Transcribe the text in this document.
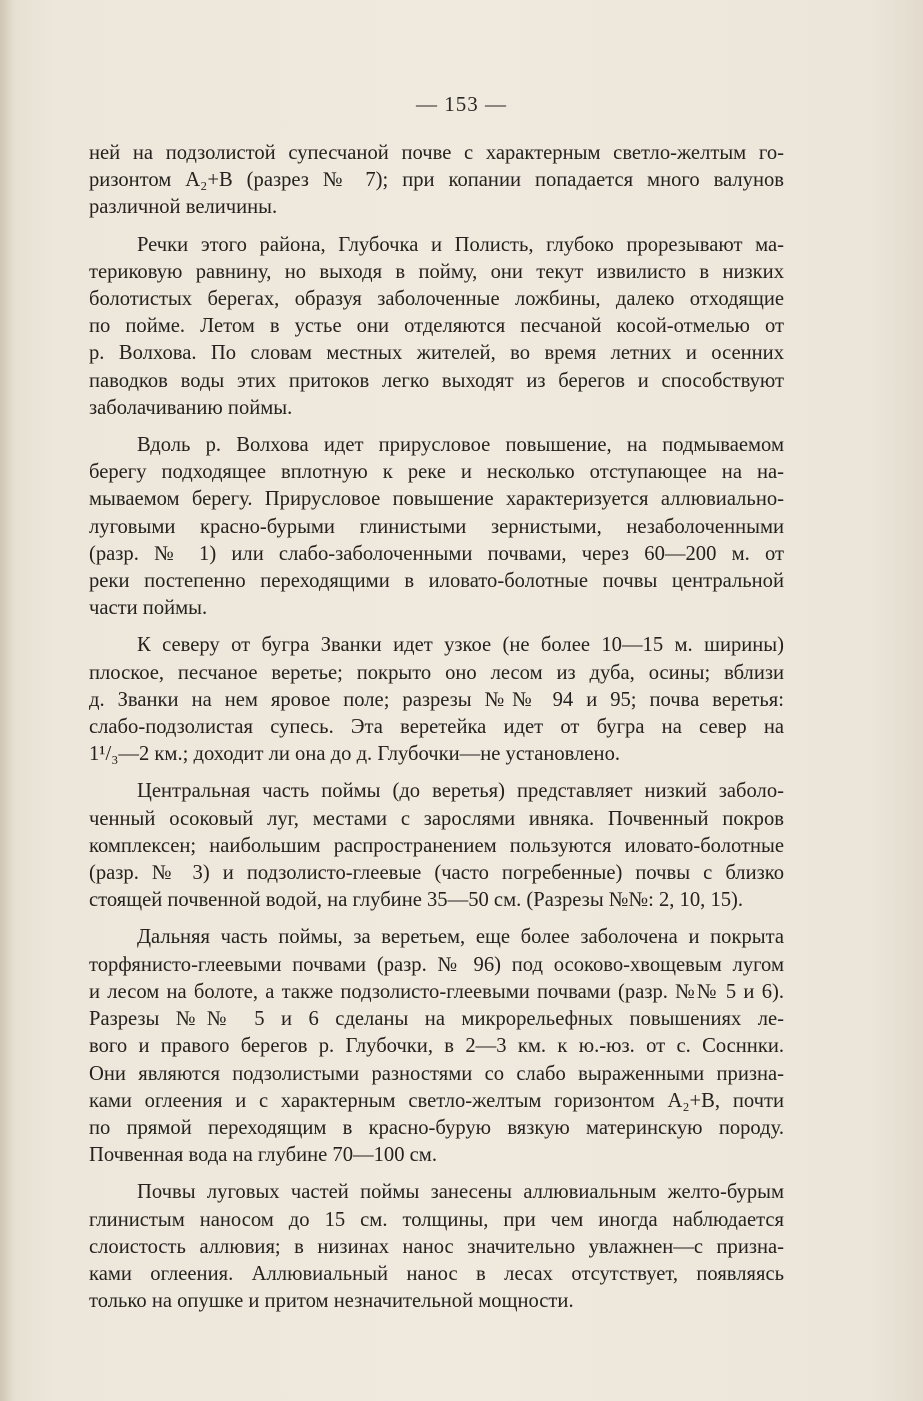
— 153 —
ней на подзолистой супесчаной почве с характерным светло-желтым го-
ризонтом A₂+B (разрез № 7); при копании попадается много валунов
различной величины.
Речки этого района, Глубочка и Полисть, глубоко прорезывают ма-
териковую равнину, но выходя в пойму, они текут извилисто в низких
болотистых берегах, образуя заболоченные ложбины, далеко отходящие
по пойме. Летом в устье они отделяются песчаной косой-отмелью от
р. Волхова. По словам местных жителей, во время летних и осенних
паводков воды этих притоков легко выходят из берегов и способствуют
заболачиванию поймы.
Вдоль р. Волхова идет прирусловое повышение, на подмываемом
берегу подходящее вплотную к реке и несколько отступающее на на-
мываемом берегу. Прирусловое повышение характеризуется аллювиально-
луговыми красно-бурыми глинистыми зернистыми, незаболоченными
(разр. № 1) или слабо-заболоченными почвами, через 60—200 м. от
реки постепенно переходящими в иловато-болотные почвы центральной
части поймы.
К северу от бугра Званки идет узкое (не более 10—15 м. ширины)
плоское, песчаное веретье; покрыто оно лесом из дуба, осины; вблизи
д. Званки на нем яровое поле; разрезы №№ 94 и 95; почва веретья:
слабо-подзолистая супесь. Эта веретейка идет от бугра на север на
1¹/₃—2 км.; доходит ли она до д. Глубочки—не установлено.
Центральная часть поймы (до веретья) представляет низкий заболо-
ченный осоковый луг, местами с зарослями ивняка. Почвенный покров
комплексен; наибольшим распространением пользуются иловато-болотные
(разр. № 3) и подзолисто-глеевые (часто погребенные) почвы с близко
стоящей почвенной водой, на глубине 35—50 см. (Разрезы №№: 2, 10, 15).
Дальняя часть поймы, за веретьем, еще более заболочена и покрыта
торфянисто-глеевыми почвами (разр. № 96) под осоково-хвощевым лугом
и лесом на болоте, а также подзолисто-глеевыми почвами (разр. №№ 5 и 6).
Разрезы №№ 5 и 6 сделаны на микрорельефных повышениях ле-
вого и правого берегов р. Глубочки, в 2—3 км. к ю.-юз. от с. Сосннки.
Они являются подзолистыми разностями со слабо выраженными призна-
ками оглеения и с характерным светло-желтым горизонтом A₂+B, почти
по прямой переходящим в красно-бурую вязкую материнскую породу.
Почвенная вода на глубине 70—100 см.
Почвы луговых частей поймы занесены аллювиальным желто-бурым
глинистым наносом до 15 см. толщины, при чем иногда наблюдается
слоистость аллювия; в низинах нанос значительно увлажнен—с призна-
ками оглеения. Аллювиальный нанос в лесах отсутствует, появляясь
только на опушке и притом незначительной мощности.
